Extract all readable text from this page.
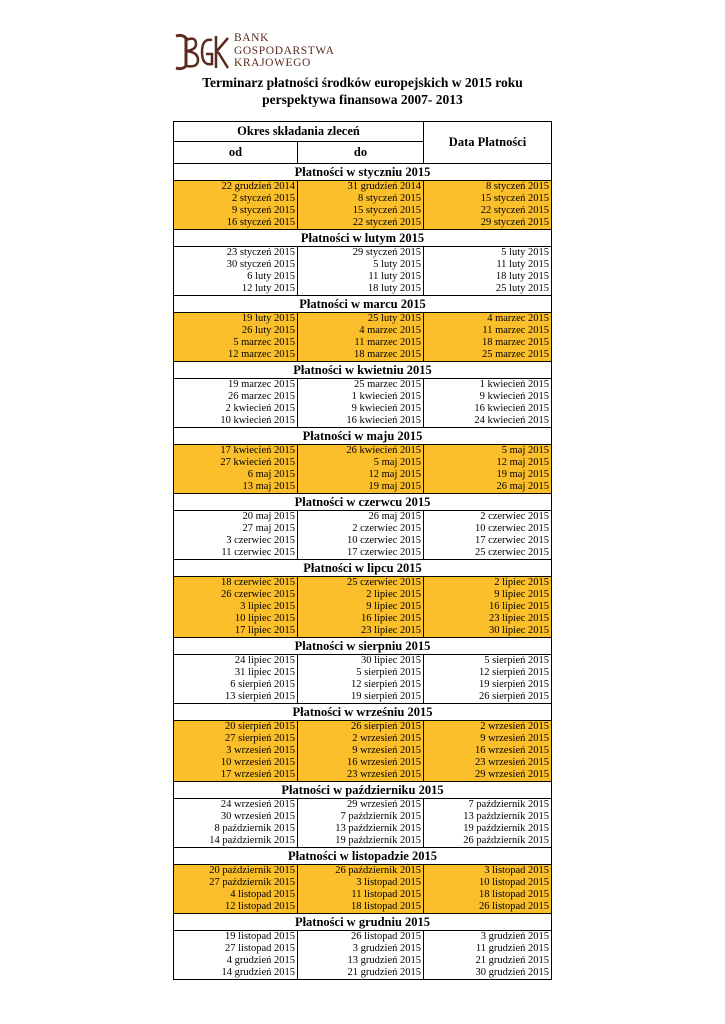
BANK
GOSPODARSTWA
KRAJOWEGO
Terminarz płatności środków europejskich w 2015 roku
perspektywa finansowa 2007- 2013
Okres składania zleceń		Data Płatności
od	do	
Płatności w styczniu 2015		
22 grudzień 2014	31 grudzień 2014	8 styczeń 2015
2 styczeń 2015	8 styczeń 2015	15 styczeń 2015
9 styczeń 2015	15 styczeń 2015	22 styczeń 2015
16 styczeń 2015	22 styczeń 2015	29 styczeń 2015
Płatności w lutym 2015		
23 styczeń 2015	29 styczeń 2015	5 luty 2015
30 styczeń 2015	5 luty 2015	11 luty 2015
6 luty 2015	11 luty 2015	18 luty 2015
12 luty 2015	18 luty 2015	25 luty 2015
Płatności w marcu 2015		
19 luty 2015	25 luty 2015	4 marzec 2015
26 luty 2015	4 marzec 2015	11 marzec 2015
5 marzec 2015	11 marzec 2015	18 marzec 2015
12 marzec 2015	18 marzec 2015	25 marzec 2015
Płatności w kwietniu 2015		
19 marzec 2015	25 marzec 2015	1 kwiecień 2015
26 marzec 2015	1 kwiecień 2015	9 kwiecień 2015
2 kwiecień 2015	9 kwiecień 2015	16 kwiecień 2015
10 kwiecień 2015	16 kwiecień 2015	24 kwiecień 2015
Płatności w maju 2015		
17 kwiecień 2015	26 kwiecień 2015	5 maj 2015
27 kwiecień 2015	5 maj 2015	12 maj 2015
6 maj 2015	12 maj 2015	19 maj 2015
13 maj 2015	19 maj 2015	26 maj 2015
Płatności w czerwcu 2015		
20 maj 2015	26 maj 2015	2 czerwiec 2015
27 maj 2015	2 czerwiec 2015	10 czerwiec 2015
3 czerwiec 2015	10 czerwiec 2015	17 czerwiec 2015
11 czerwiec 2015	17 czerwiec 2015	25 czerwiec 2015
Płatności w lipcu 2015		
18 czerwiec 2015	25 czerwiec 2015	2 lipiec 2015
26 czerwiec 2015	2 lipiec 2015	9 lipiec 2015
3 lipiec 2015	9 lipiec 2015	16 lipiec 2015
10 lipiec 2015	16 lipiec 2015	23 lipiec 2015
17 lipiec 2015	23 lipiec 2015	30 lipiec 2015
Płatności w sierpniu 2015		
24 lipiec 2015	30 lipiec 2015	5 sierpień 2015
31 lipiec 2015	5 sierpień 2015	12 sierpień 2015
6 sierpień 2015	12 sierpień 2015	19 sierpień 2015
13 sierpień 2015	19 sierpień 2015	26 sierpień 2015
Płatności w wrześniu 2015		
20 sierpień 2015	26 sierpień 2015	2 wrzesień 2015
27 sierpień 2015	2 wrzesień 2015	9 wrzesień 2015
3 wrzesień 2015	9 wrzesień 2015	16 wrzesień 2015
10 wrzesień 2015	16 wrzesień 2015	23 wrzesień 2015
17 wrzesień 2015	23 wrzesień 2015	29 wrzesień 2015
Płatności w październiku 2015		
24 wrzesień 2015	29 wrzesień 2015	7 październik 2015
30 wrzesień 2015	7 październik 2015	13 październik 2015
8 październik 2015	13 październik 2015	19 październik 2015
14 październik 2015	19 październik 2015	26 październik 2015
Płatności w listopadzie 2015		
20 październik 2015	26 październik 2015	3 listopad 2015
27 październik 2015	3 listopad 2015	10 listopad 2015
4 listopad 2015	11 listopad 2015	18 listopad 2015
12 listopad 2015	18 listopad 2015	26 listopad 2015
Płatności w grudniu 2015		
19 listopad 2015	26 listopad 2015	3 grudzień 2015
27 listopad 2015	3 grudzień 2015	11 grudzień 2015
4 grudzień 2015	13 grudzień 2015	21 grudzień 2015
14 grudzień 2015	21 grudzień 2015	30 grudzień 2015
